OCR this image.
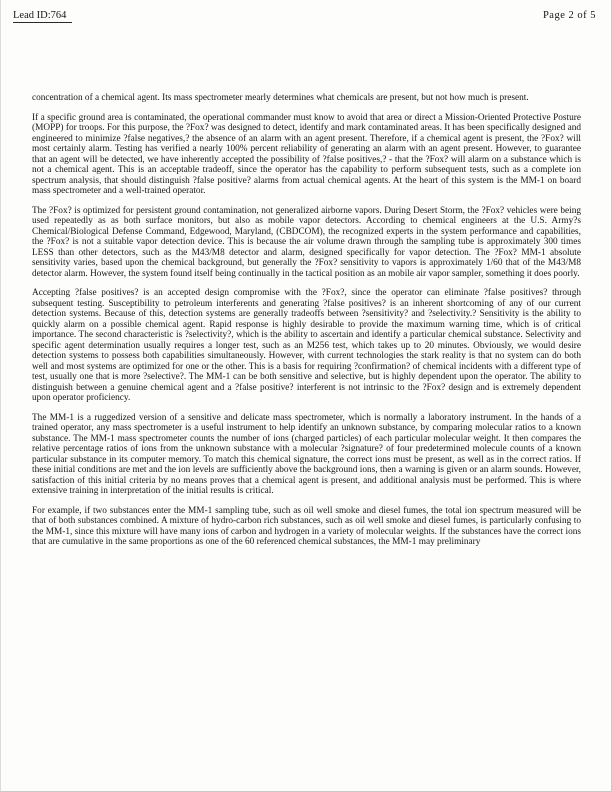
Lead ID:764	Page 2 of 5

concentration of a chemical agent. Its mass spectrometer mearly determines what chemicals are present, but not how much is present.

If a specific ground area is contaminated, the operational commander must know to avoid that area or direct a Mission-Oriented Protective Posture (MOPP) for troops. For this purpose, the ?Fox? was designed to detect, identify and mark contaminated areas. It has been specifically designed and engineered to minimize ?false negatives,? the absence of an alarm with an agent present. Therefore, if a chemical agent is present, the ?Fox? will most certainly alarm. Testing has verified a nearly 100% percent reliability of generating an alarm with an agent present. However, to guarantee that an agent will be detected, we have inherently accepted the possibility of ?false positives,? - that the ?Fox? will alarm on a substance which is not a chemical agent. This is an acceptable tradeoff, since the operator has the capability to perform subsequent tests, such as a complete ion spectrum analysis, that should distinguish ?false positive? alarms from actual chemical agents. At the heart of this system is the MM-1 on board mass spectrometer and a well-trained operator.

The ?Fox? is optimized for persistent ground contamination, not generalized airborne vapors. During Desert Storm, the ?Fox? vehicles were being used repeatedly as as both surface monitors, but also as mobile vapor detectors. According to chemical engineers at the U.S. Army?s Chemical/Biological Defense Command, Edgewood, Maryland, (CBDCOM), the recognized experts in the system performance and capabilities, the ?Fox? is not a suitable vapor detection device. This is because the air volume drawn through the sampling tube is approximately 300 times LESS than other detectors, such as the M43/M8 detector and alarm, designed specifically for vapor detection. The ?Fox? MM-1 absolute sensitivity varies, based upon the chemical background, but generally the ?Fox? sensitivity to vapors is approximately 1/60 that of the M43/M8 detector alarm. However, the system found itself being continually in the tactical position as an mobile air vapor sampler, something it does poorly.

Accepting ?false positives? is an accepted design compromise with the ?Fox?, since the operator can eliminate ?false positives? through subsequent testing. Susceptibility to petroleum interferents and generating ?false positives? is an inherent shortcoming of any of our current detection systems. Because of this, detection systems are generally tradeoffs between ?sensitivity? and ?selectivity.? Sensitivity is the ability to quickly alarm on a possible chemical agent. Rapid response is highly desirable to provide the maximum warning time, which is of critical importance. The second characteristic is ?selectivity?, which is the ability to ascertain and identify a particular chemical substance. Selectivity and specific agent determination usually requires a longer test, such as an M256 test, which takes up to 20 minutes. Obviously, we would desire detection systems to possess both capabilities simultaneously. However, with current technologies the stark reality is that no system can do both well and most systems are optimized for one or the other. This is a basis for requiring ?confirmation? of chemical incidents with a different type of test, usually one that is more ?selective?. The MM-1 can be both sensitive and selective, but is highly dependent upon the operator. The ability to distinguish between a genuine chemical agent and a ?false positive? interferent is not intrinsic to the ?Fox? design and is extremely dependent upon operator proficiency.

The MM-1 is a ruggedized version of a sensitive and delicate mass spectrometer, which is normally a laboratory instrument. In the hands of a trained operator, any mass spectrometer is a useful instrument to help identify an unknown substance, by comparing molecular ratios to a known substance. The MM-1 mass spectrometer counts the number of ions (charged particles) of each particular molecular weight. It then compares the relative percentage ratios of ions from the unknown substance with a molecular ?signature? of four predetermined molecule counts of a known particular substance in its computer memory. To match this chemical signature, the correct ions must be present, as well as in the correct ratios. If these initial conditions are met and the ion levels are sufficiently above the background ions, then a warning is given or an alarm sounds. However, satisfaction of this initial criteria by no means proves that a chemical agent is present, and additional analysis must be performed. This is where extensive training in interpretation of the initial results is critical.

For example, if two substances enter the MM-1 sampling tube, such as oil well smoke and diesel fumes, the total ion spectrum measured will be that of both substances combined. A mixture of hydro-carbon rich substances, such as oil well smoke and diesel fumes, is particularly confusing to the MM-1, since this mixture will have many ions of carbon and hydrogen in a variety of molecular weights. If the substances have the correct ions that are cumulative in the same proportions as one of the 60 referenced chemical substances, the MM-1 may preliminary
